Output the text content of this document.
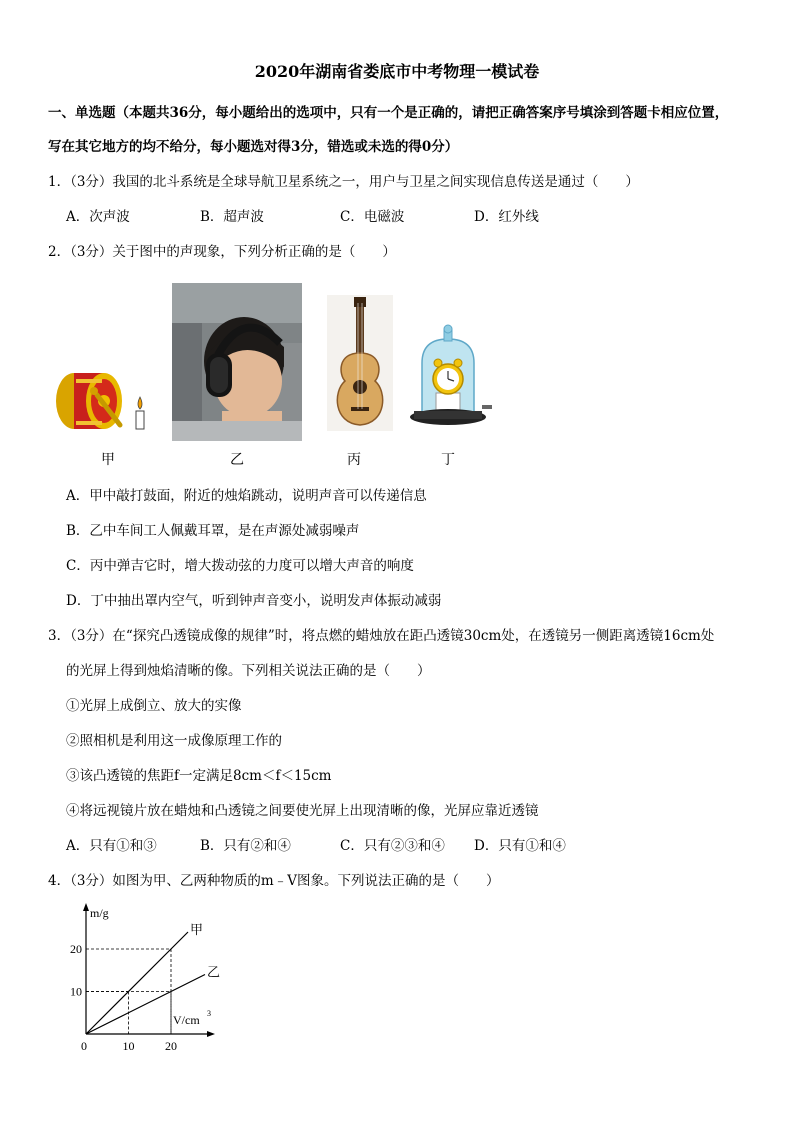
2020年湖南省娄底市中考物理一模试卷
一、单选题（本题共36分，每小题给出的选项中，只有一个是正确的，请把正确答案序号填涂到答题卡相应位置，
写在其它地方的均不给分，每小题选对得3分，错选或未选的得0分）
1．（3分）我国的北斗系统是全球导航卫星系统之一，用户与卫星之间实现信息传送是通过（　　）
A．次声波	B．超声波	C．电磁波	D．红外线
2．（3分）关于图中的声现象，下列分析正确的是（　　）
甲	乙	丙	丁
A．甲中敲打鼓面，附近的烛焰跳动，说明声音可以传递信息
B．乙中车间工人佩戴耳罩，是在声源处减弱噪声
C．丙中弹吉它时，增大拨动弦的力度可以增大声音的响度
D．丁中抽出罩内空气，听到钟声音变小，说明发声体振动减弱
3．（3分）在“探究凸透镜成像的规律”时，将点燃的蜡烛放在距凸透镜30cm处，在透镜另一侧距离透镜16cm处
的光屏上得到烛焰清晰的像。下列相关说法正确的是（　　）
①光屏上成倒立、放大的实像
②照相机是利用这一成像原理工作的
③该凸透镜的焦距f一定满足8cm＜f＜15cm
④将远视镜片放在蜡烛和凸透镜之间要使光屏上出现清晰的像，光屏应靠近透镜
A．只有①和③	B．只有②和④	C．只有②③和④ D．只有①和④
4．（3分）如图为甲、乙两种物质的m﹣V图象。下列说法正确的是（　　）
甲
乙
10	20
10
20
0
m/g
V/cm 3
